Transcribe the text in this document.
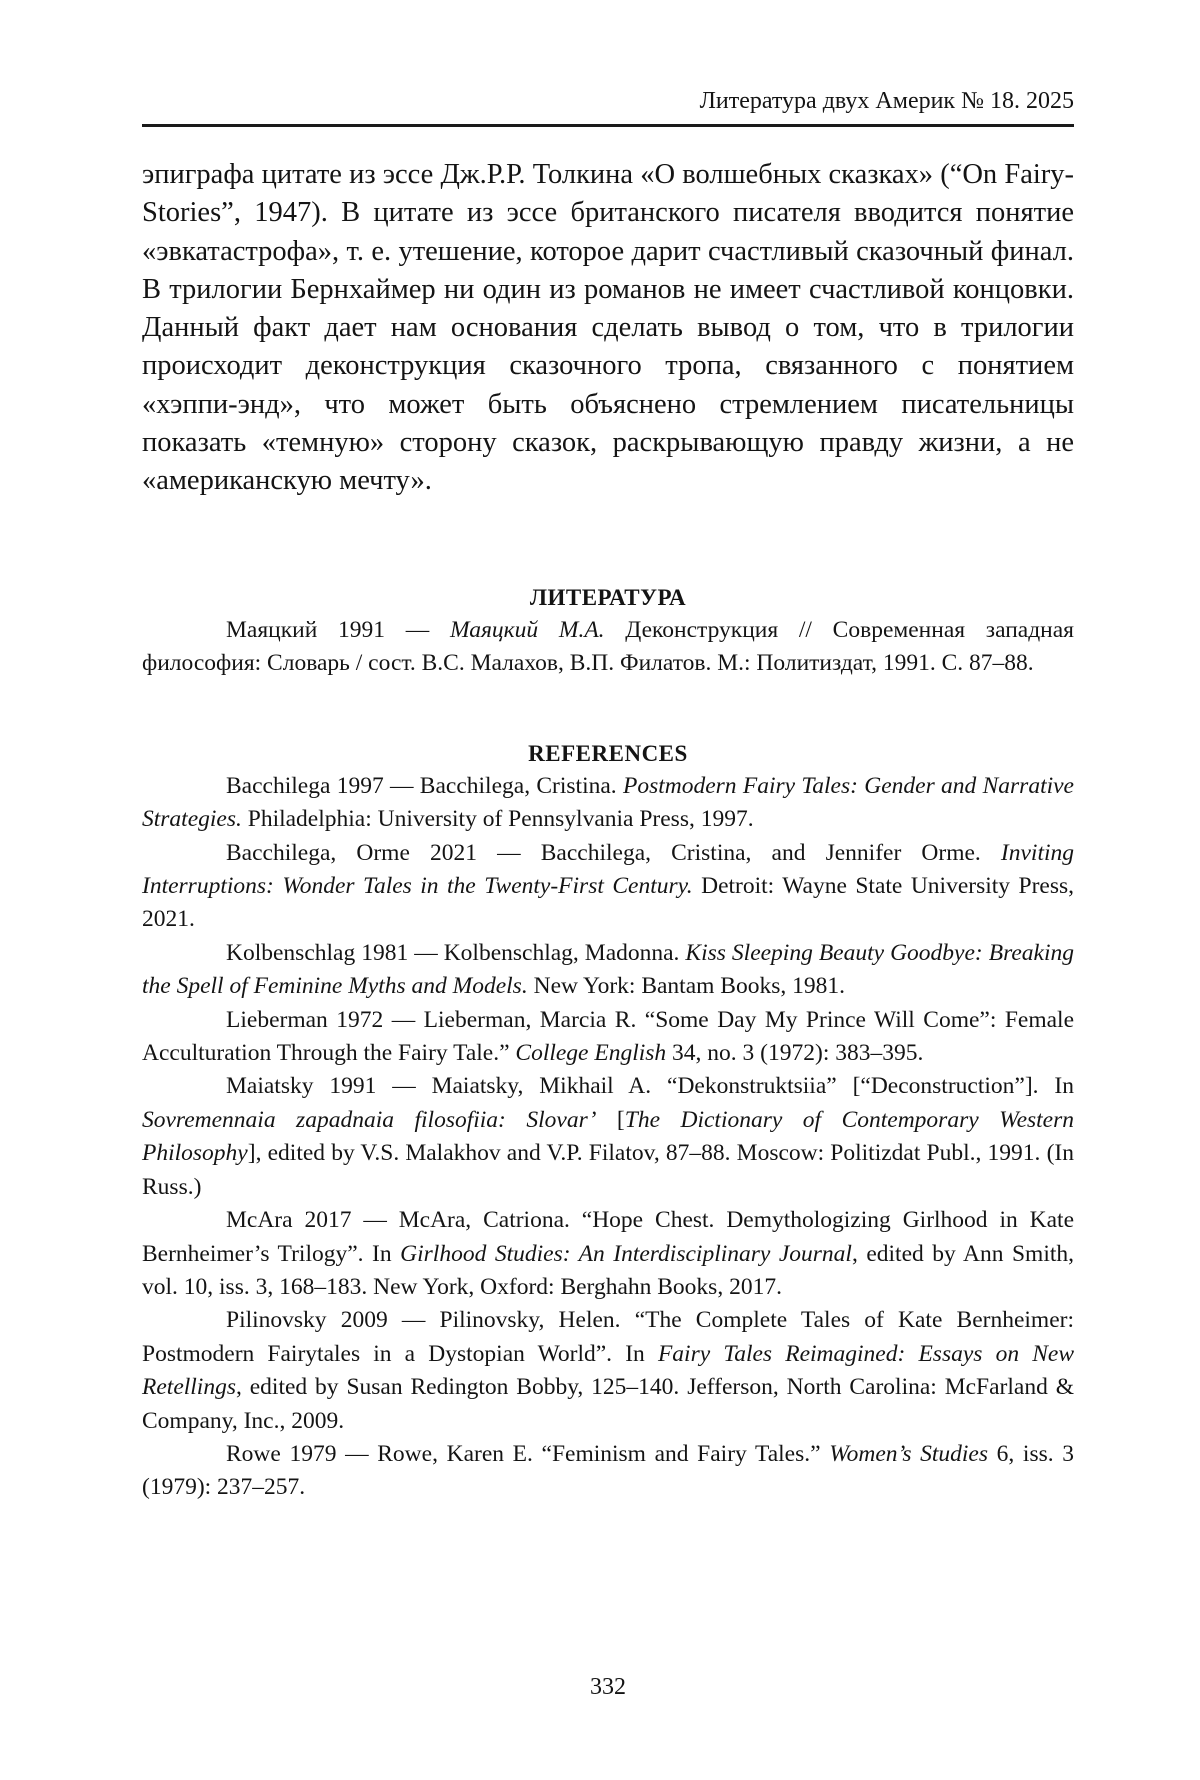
Литература двух Америк № 18. 2025

эпиграфа цитате из эссе Дж.Р.Р. Толкина «О волшебных сказках» (“On Fairy-Stories”, 1947). В цитате из эссе британского писателя вводится понятие «эвкатастрофа», т. е. утешение, которое дарит счастливый сказочный финал. В трилогии Бернхаймер ни один из романов не имеет счастливой концовки. Данный факт дает нам основания сделать вывод о том, что в трилогии происходит деконструкция сказочного тропа, связанного с понятием «хэппи-энд», что может быть объяснено стремлением писательницы показать «темную» сторону сказок, раскрывающую правду жизни, а не «американскую мечту».

ЛИТЕРАТУРА

Маяцкий 1991 — Маяцкий М.А. Деконструкция // Современная западная философия: Словарь / сост. В.С. Малахов, В.П. Филатов. М.: Политиздат, 1991. С. 87–88.

REFERENCES

Bacchilega 1997 — Bacchilega, Cristina. Postmodern Fairy Tales: Gender and Narrative Strategies. Philadelphia: University of Pennsylvania Press, 1997.

Bacchilega, Orme 2021 — Bacchilega, Cristina, and Jennifer Orme. Inviting Interruptions: Wonder Tales in the Twenty-First Century. Detroit: Wayne State University Press, 2021.

Kolbenschlag 1981 — Kolbenschlag, Madonna. Kiss Sleeping Beauty Goodbye: Breaking the Spell of Feminine Myths and Models. New York: Bantam Books, 1981.

Lieberman 1972 — Lieberman, Marcia R. “Some Day My Prince Will Come”: Female Acculturation Through the Fairy Tale.” College English 34, no. 3 (1972): 383–395.

Maiatsky 1991 — Maiatsky, Mikhail A. “Dekonstruktsiia” [“Deconstruction”]. In Sovremennaia zapadnaia filosofiia: Slovar’ [The Dictionary of Contemporary Western Philosophy], edited by V.S. Malakhov and V.P. Filatov, 87–88. Moscow: Politizdat Publ., 1991. (In Russ.)

McAra 2017 — McAra, Catriona. “Hope Chest. Demythologizing Girlhood in Kate Bernheimer’s Trilogy”. In Girlhood Studies: An Interdisciplinary Journal, edited by Ann Smith, vol. 10, iss. 3, 168–183. New York, Oxford: Berghahn Books, 2017.

Pilinovsky 2009 — Pilinovsky, Helen. “The Complete Tales of Kate Bernheimer: Postmodern Fairytales in a Dystopian World”. In Fairy Tales Reimagined: Essays on New Retellings, edited by Susan Redington Bobby, 125–140. Jefferson, North Carolina: McFarland & Company, Inc., 2009.

Rowe 1979 — Rowe, Karen E. “Feminism and Fairy Tales.” Women’s Studies 6, iss. 3 (1979): 237–257.

332
